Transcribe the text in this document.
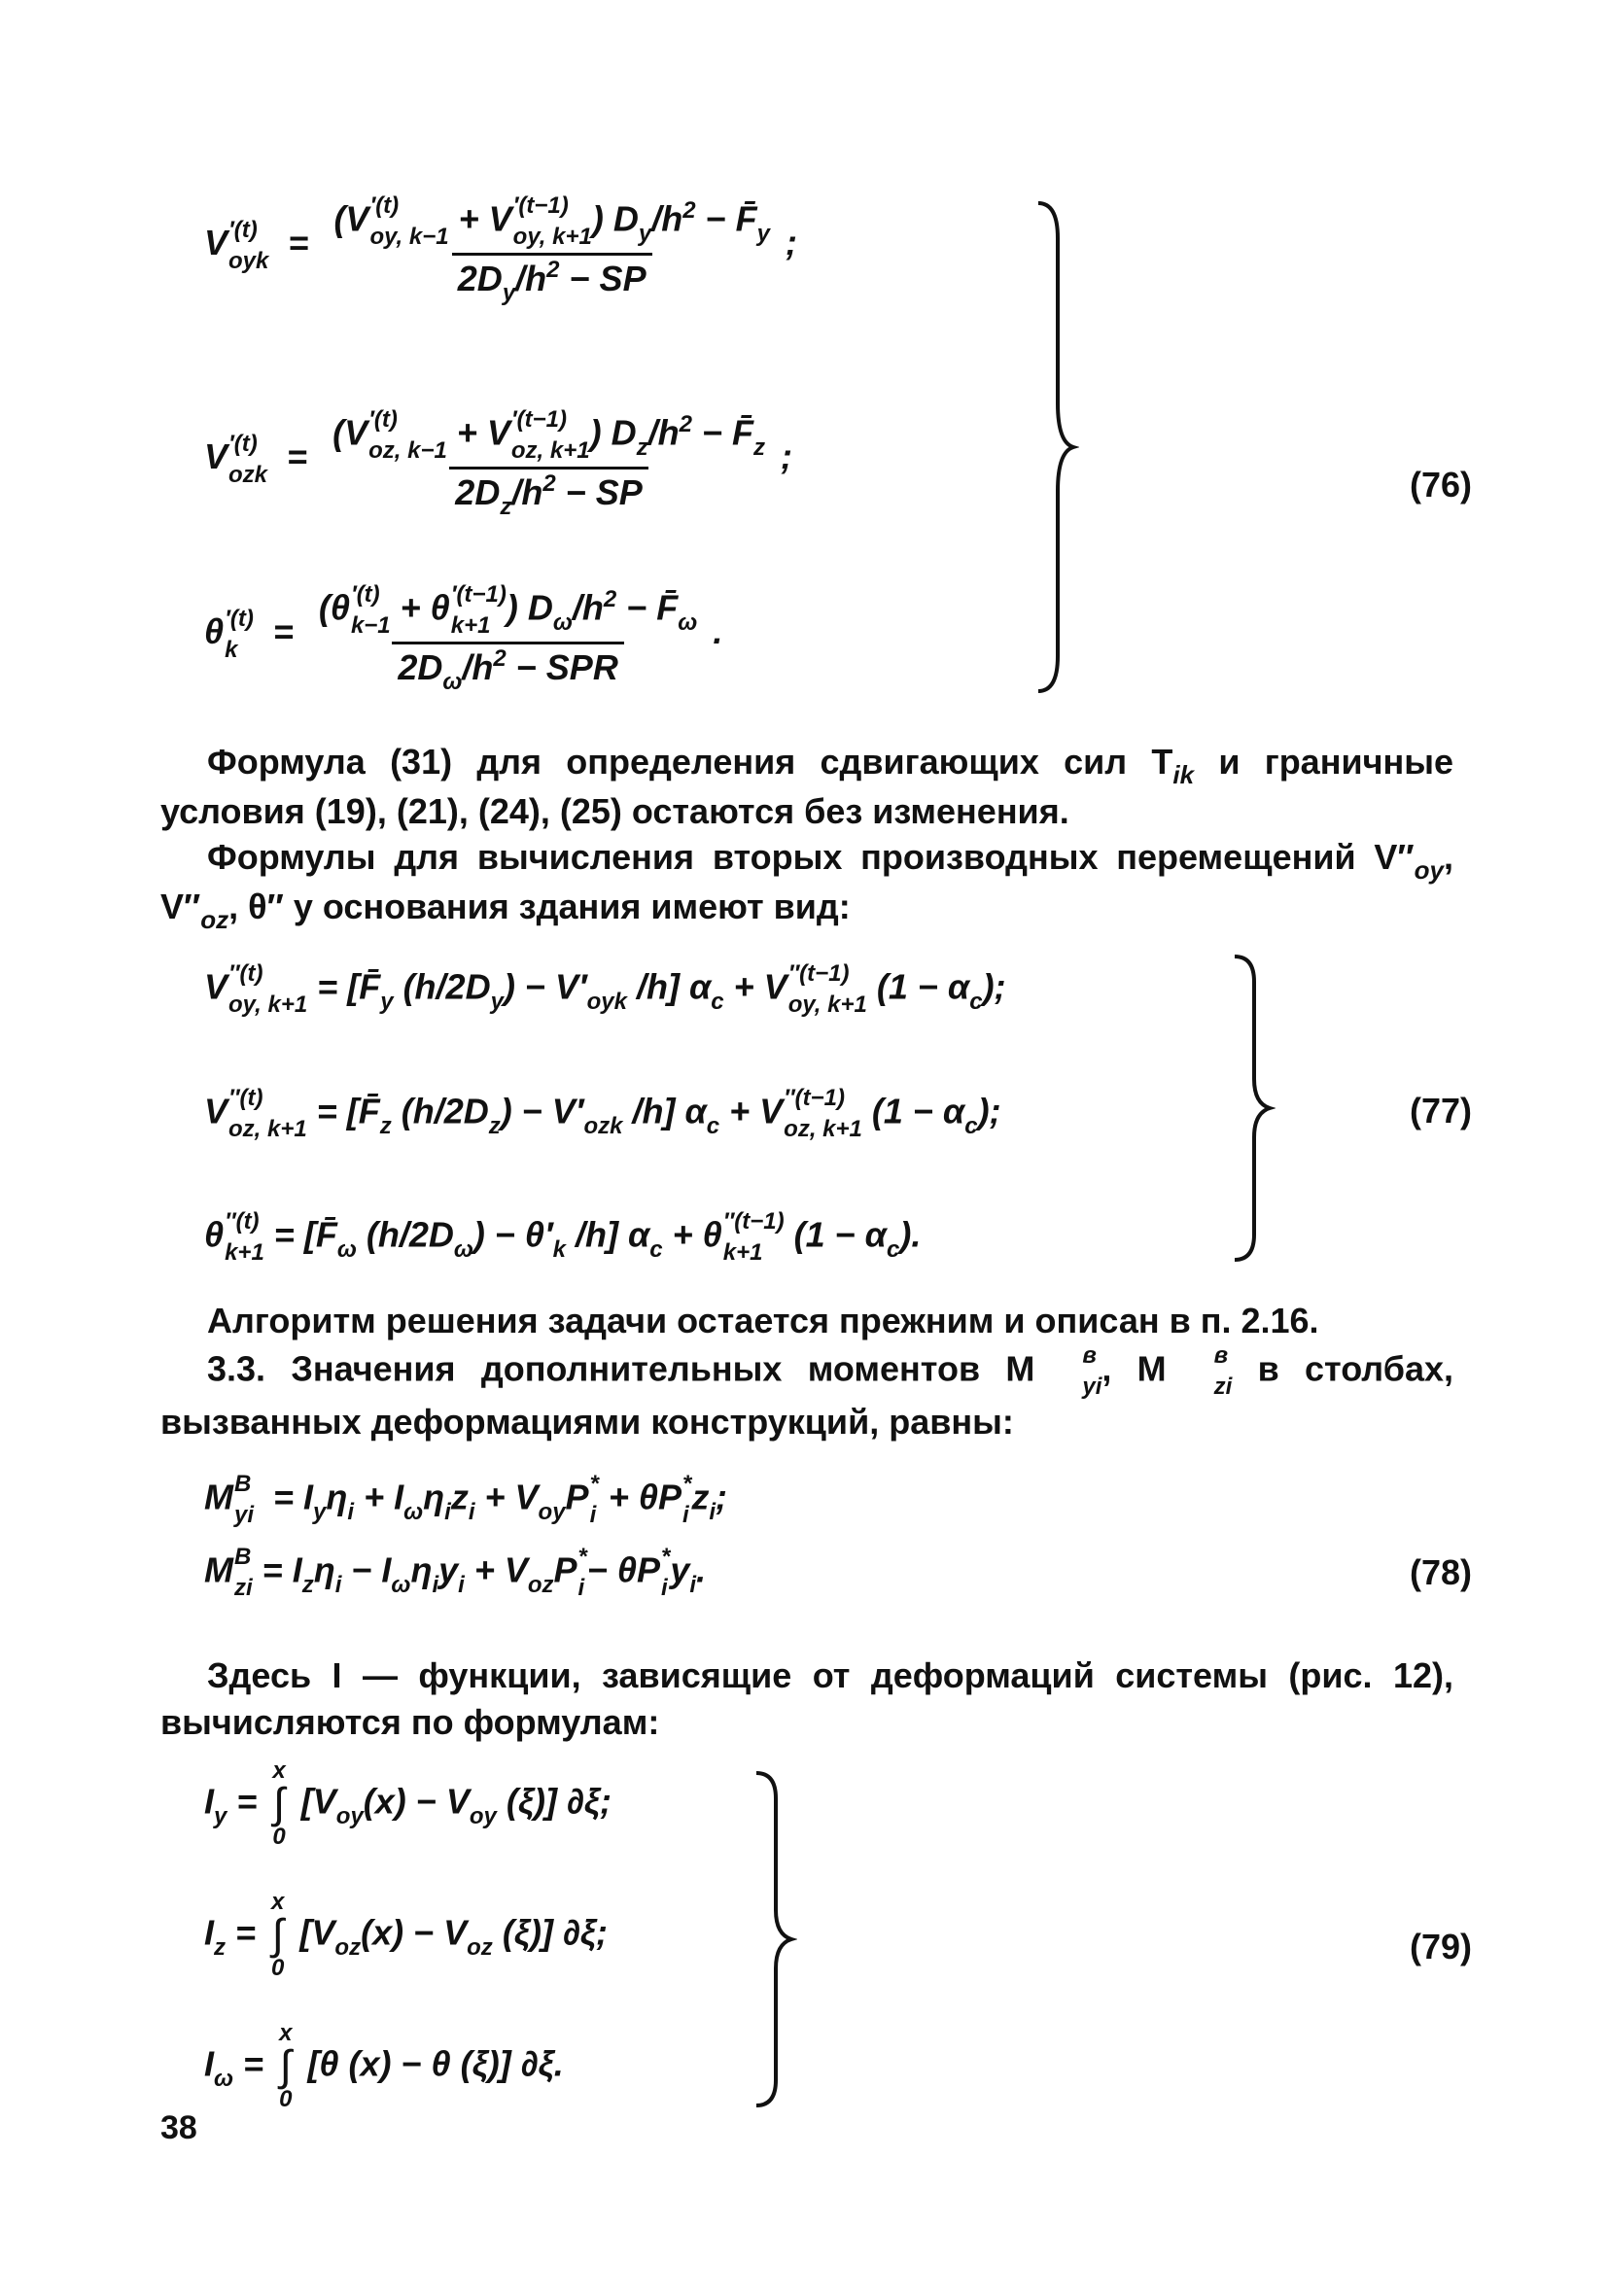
V ′(t)
oyk = (V ′(t)
oy, k−1 + V ′(t−1)
oy, k+1 ) $D_y/h^2$ − $F̄_y$
$2D_y/h^2$ − SP ;
V ′(t)
ozk = (V ′(t)
oz, k−1 + V ′(t−1)
oz, k+1 ) $D_z/h^2$ − $F̄_z$
$2D_z/h^2$ − SP ;
θ ′(t)
k	= (θ ′(t)
k−1 + θ ′(t−1)
k+1 ) $D_\omega/h^2$ − $F̄_\omega$
$2D_\omega/h^2$ − SPR .
(76)
Формула (31) для определения сдвигающих сил $T_{ik}$ и граничные условия (19), (21), (24), (25) остаются без изменения.
Формулы для вычисления вторых производных перемещений $V''_{oy}$, $V''_{oz}$, θ″ у основания здания имеют вид:
V ″(t)
oy, $k+1 = [F̄_y$ $(h/2D_y) - V'_{oyk}$ /h] $\alpha_c + V$ ″(t−1)
oy, k+1 $(1 - \alpha_c)$;
V ″(t)
oz, $k+1 = [F̄_z$ $(h/2D_z) - V'_{ozk}$ /h] $\alpha_c + V$ ″(t−1)
oz, k+1 $(1 - \alpha_c)$;
θ ″(t)
$k+1 = [F̄_\omega$ $(h/2D_\omega) - \theta'_k$ /h] $\alpha_c + \theta$ ″(t−1)
k+1 $(1 - \alpha_c)$.
(77)
Алгоритм решения задачи остается прежним и описан в п. 2.16.
3.3. Значения дополнительных моментов M	в
yi , M	в
zi в столбах, вызванных деформациями конструкций, равны:
M B
yi = $I_y\eta_i + I_\omega\eta_iz_i + V_{oy}P$ *
i + θP *
i $z_i$;
M B
zi = $I_z\eta_i - I_\omega\eta_iy_i + V_{oz}P$ *
i − θP *
i $y_i$.	(78)
Здесь I — функции, зависящие от деформаций системы (рис. 12), вычисляются по формулам:
$I_y$ =
x
∫
0
[$V_{oy}(x) - V_{oy}$ (ξ)] ∂ξ;
$I_z$ =
x
∫
0
[$V_{oz}(x) - V_{oz}$ (ξ)] ∂ξ;
$I_\omega$ =
x
∫
0
[θ (x) − θ (ξ)] ∂ξ.
(79)
38
